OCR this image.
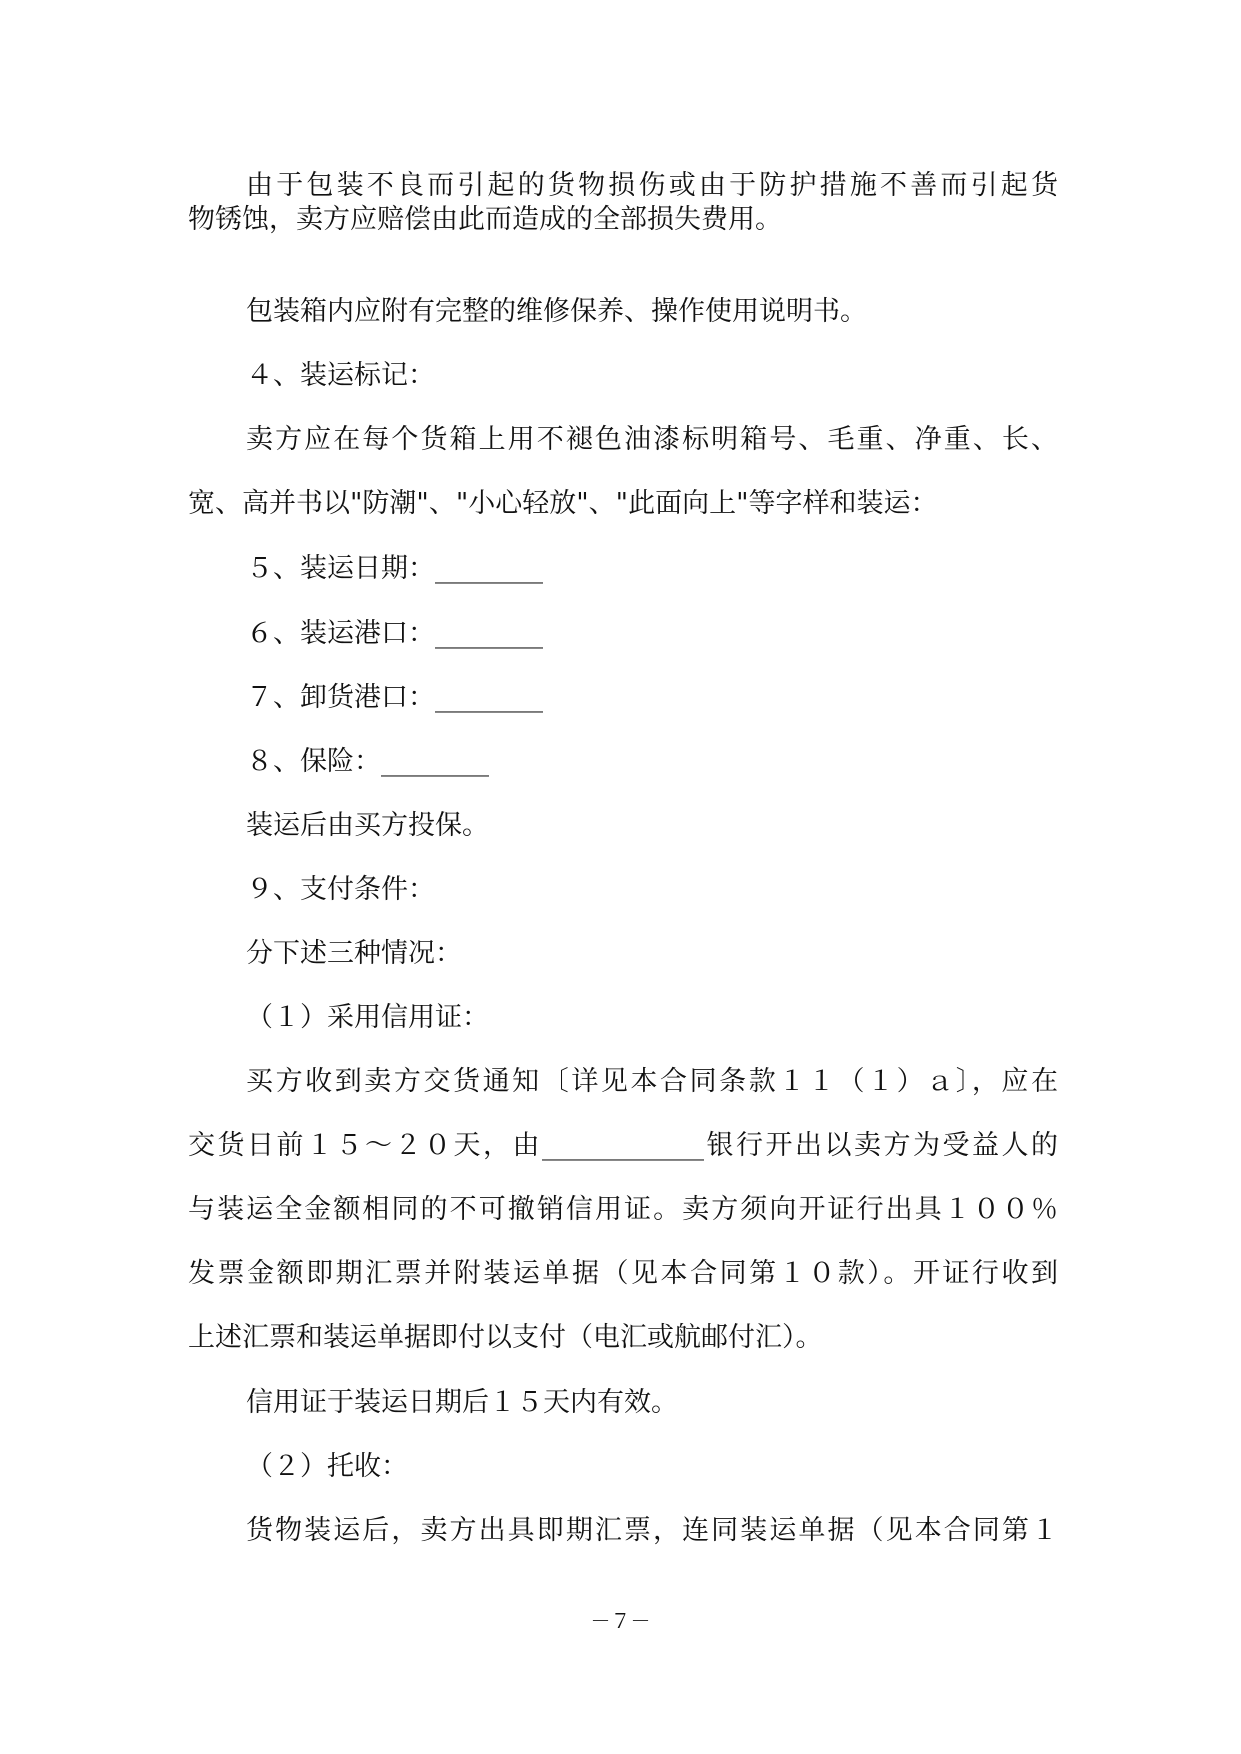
由于包装不良而引起的货物损伤或由于防护措施不善而引起货
物锈蚀，卖方应赔偿由此而造成的全部损失费用。
包装箱内应附有完整的维修保养、操作使用说明书。
４、装运标记：
卖方应在每个货箱上用不褪色油漆标明箱号、毛重、净重、长、
宽、高并书以"防潮"、"小心轻放"、"此面向上"等字样和装运：
５、装运日期：________
６、装运港口：________
７、卸货港口：________
８、保险：________
装运后由买方投保。
９、支付条件：
分下述三种情况：
（１）采用信用证：
买方收到卖方交货通知〔详见本合同条款１１（１）ａ〕，应在
交货日前１５～２０天，由____________银行开出以卖方为受益人的
与装运全金额相同的不可撤销信用证。卖方须向开证行出具１００％
发票金额即期汇票并附装运单据（见本合同第１０款）。开证行收到
上述汇票和装运单据即付以支付（电汇或航邮付汇）。
信用证于装运日期后１５天内有效。
（２）托收：
货物装运后，卖方出具即期汇票，连同装运单据（见本合同第１
－７－
